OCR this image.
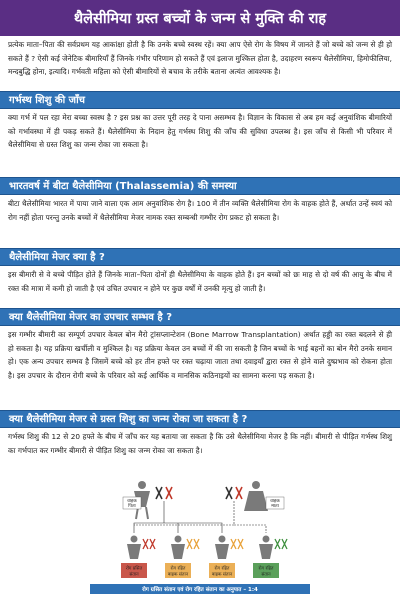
थैलेसीमिया ग्रस्त बच्चों के जन्म से मुक्ति की राह

प्रत्येक माता–पिता की सर्वप्रथम यह आकांक्षा होती है कि उनके बच्चे स्वस्थ रहें। क्या आप ऐसे रोग के विषय में जानते हैं जो बच्चे को जन्म से ही हो सकते हैं ? ऐसी कई जेनेटिक बीमारियाँ हैं जिनके गंभीर परिणाम हो सकते हैं एवं इलाज मुश्किल होता है, उदाहरण स्वरूप थैलेसीमिया, हिमोफीलिया, मन्दबुद्धि होना, इत्यादि। गर्भवती महिला को ऐसी बीमारियों से बचाव के तरीके बताना अत्यंत आवश्यक है।

गर्भस्थ शिशु की जाँच

क्या गर्भ में पल रहा मेरा बच्चा स्वस्थ है ? इस प्रश्न का उत्तर पूरी तरह दे पाना असम्भव है। विज्ञान के विकास से अब हम कई अनुवांशिक बीमारियों को गर्भावस्था में ही पकड़ सकते हैं। थैलेसीमिया के निदान हेतु गर्भस्थ शिशु की जाँच की सुविधा उपलब्ध है। इस जाँच से किसी भी परिवार में थैलेसीमिया से ग्रस्त शिशु का जन्म रोका जा सकता है।

भारतवर्ष में बीटा थैलेसीमिया (Thalassemia) की समस्या

बीटा थैलेसीमिया भारत में पाया जाने वाला एक आम अनुवांशिक रोग है। 100 में तीन व्यक्ति थैलेसीमिया रोग के वाहक होते हैं, अर्थात उन्हें स्वयं को रोग नहीं होता परन्तु उनके बच्चों में थैलेसीमिया मेजर नामक रक्त सम्बन्धी गम्भीर रोग प्रकट हो सकता है।

थैलेसीमिया मेजर क्या है ?

इस बीमारी से वे बच्चे पीड़ित होते हैं जिनके माता–पिता दोनों ही थैलेसीमिया के वाहक होते हैं। इन बच्चों को छः माह से दो वर्ष की आयु के बीच में रक्त की मात्रा में कमी हो जाती है एवं उचित उपचार न होने पर कुछ वर्षों में उनकी मृत्यु हो जाती है।

क्या थैलेसीमिया मेजर का उपचार सम्भव है ?

इस गम्भीर बीमारी का सम्पूर्ण उपचार केवल बोन मैरो ट्रांसप्लान्टेशन (Bone Marrow Transplantation) अर्थात हड्डी का रक्त बदलने से ही हो सकता है। यह प्रक्रिया खर्चीली व मुश्किल है। यह प्रक्रिया केवल उन बच्चों में की जा सकती है जिन बच्चों के भाई बहनों का बोन मैरो उनके समान हो। एक अन्य उपचार सम्भव है जिसमें बच्चे को हर तीन हफ्ते पर रक्त चढ़ाया जाता तथा दवाइयाँ द्वारा रक्त से होने वाले दुष्प्रभाव को रोकना होता है। इस उपचार के दौरान रोगी बच्चे के परिवार को कई आर्थिक व मानसिक कठिनाइयों का सामना करना पड़ सकता है।

क्या थैलेसीमिया मेजर से ग्रस्त शिशु का जन्म रोका जा सकता है ?

गर्भस्थ शिशु की 12 से 20 हफ्ते के बीच में जाँच कर यह बताया जा सकता है कि उसे थैलेसीमिया मेजर है कि नहीं। बीमारी से पीड़ित गर्भस्थ शिशु का गर्भपात कर गम्भीर बीमारी से पीड़ित शिशु का जन्म रोका जा सकता है।

वाहक
पिता
वाहक
माता
रोग ग्रसित
संतान
रोग रहित
वाहक संतान
रोग रहित
वाहक संतान
रोग रहित
संतान
रोग ग्रसित संतान एवं रोग रहित संतान का अनुपात – 1:4
